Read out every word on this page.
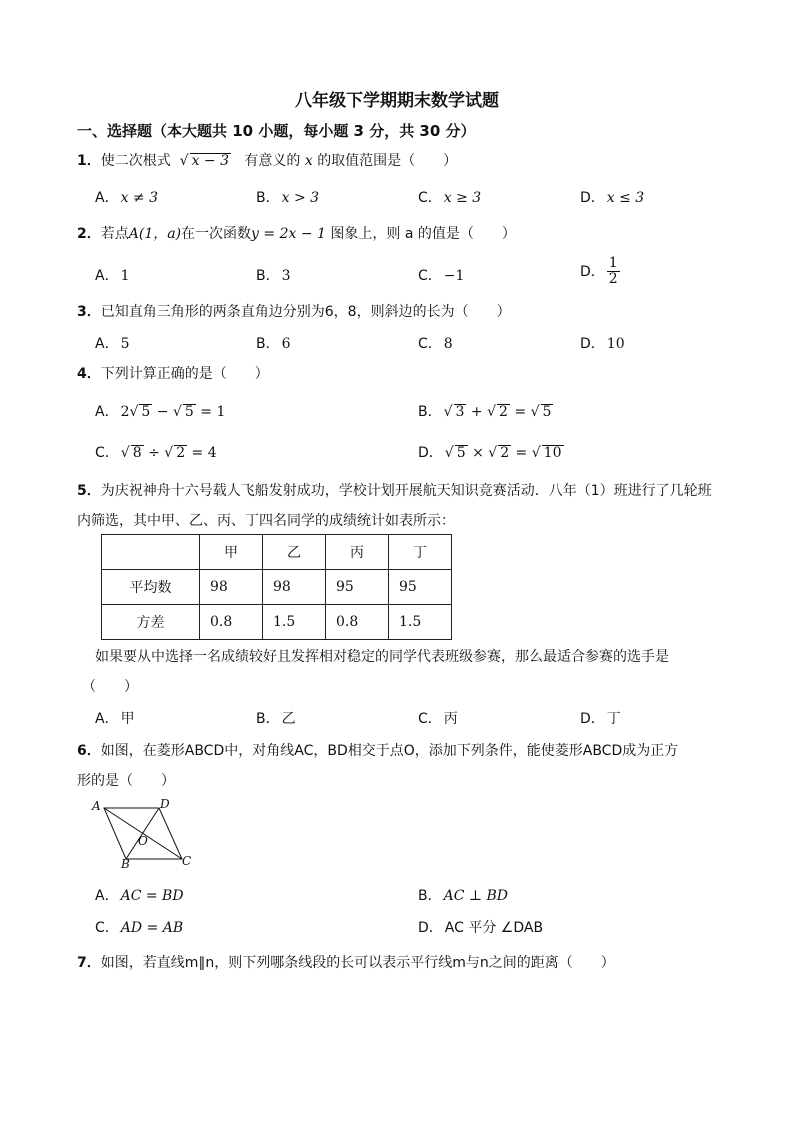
八年级下学期期末数学试题
一、选择题（本大题共 10 小题，每小题 3 分，共 30 分）
1．使二次根式 √ x − 3 有意义的 x 的取值范围是（　　）
A． x ≠ 3	B． x > 3	C． x ≥ 3	D． x ≤ 3
2．若点A(1，a)在一次函数y = 2x − 1 图象上，则 a 的值是（　　）
A． 1	B． 3	C． −1	D． $\frac{1}{2}$
3．已知直角三角形的两条直角边分别为6，8，则斜边的长为（　　）
A． 5	B． 6	C． 8	D． 10
4．下列计算正确的是（　　）
A． 2√ 5 − √ 5 = 1	B． √ 3 + √ 2 = √ 5
C． √ 8 ÷ √ 2 = 4	D． √ 5 × √ 2 = √ 10
5．为庆祝神舟十六号载人飞船发射成功，学校计划开展航天知识竞赛活动．八年（1）班进行了几轮班
内筛选，其中甲、乙、丙、丁四名同学的成绩统计如表所示：
	甲	乙	丙	丁
平均数	98	98	95	95
方差	0.8	1.5	0.8	1.5
如果要从中选择一名成绩较好且发挥相对稳定的同学代表班级参赛，那么最适合参赛的选手是
（　　）
A． 甲	B． 乙	C． 丙	D． 丁
6．如图，在菱形ABCD中，对角线AC，BD相交于点O，添加下列条件，能使菱形ABCD成为正方
形的是（　　）
A	D
O
B	C
A． AC = BD	B． AC ⊥ BD
C． AD = AB	D． AC 平分 ∠DAB
7．如图，若直线m∥n，则下列哪条线段的长可以表示平行线m与n之间的距离（　　）
